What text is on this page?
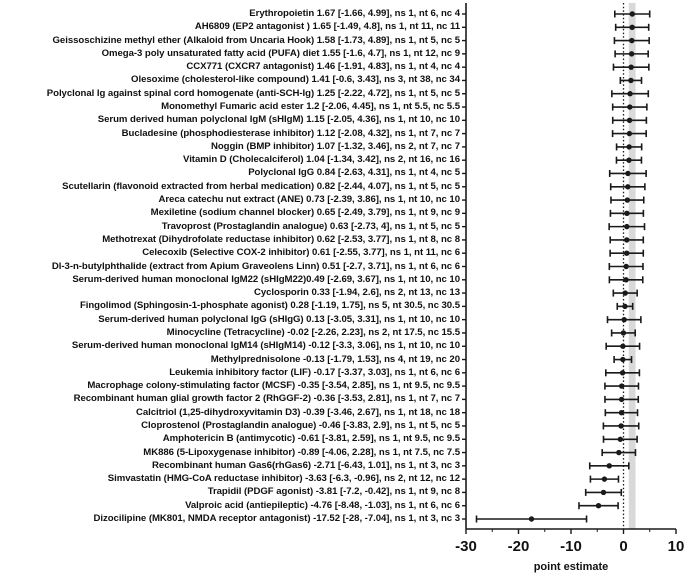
Erythropoietin 1.67 [-1.66, 4.99], ns 1, nt 6, nc 4
AH6809 (EP2 antagonist ) 1.65 [-1.49, 4.8], ns 1, nt 11, nc 11
Geissoschizine methyl ether (Alkaloid from Uncaria Hook) 1.58 [-1.73, 4.89], ns 1, nt 5, nc 5
Omega-3 poly unsaturated fatty acid (PUFA) diet 1.55 [-1.6, 4.7], ns 1, nt 12, nc 9
CCX771 (CXCR7 antagonist) 1.46 [-1.91, 4.83], ns 1, nt 4, nc 4
Olesoxime (cholesterol-like compound) 1.41 [-0.6, 3.43], ns 3, nt 38, nc 34
Polyclonal Ig against spinal cord homogenate (anti-SCH-Ig) 1.25 [-2.22, 4.72], ns 1, nt 5, nc 5
Monomethyl Fumaric acid ester 1.2 [-2.06, 4.45], ns 1, nt 5.5, nc 5.5
Serum derived human polyclonal IgM (sHIgM) 1.15 [-2.05, 4.36], ns 1, nt 10, nc 10
Bucladesine (phosphodiesterase inhibitor) 1.12 [-2.08, 4.32], ns 1, nt 7, nc 7
Noggin (BMP inhibitor) 1.07 [-1.32, 3.46], ns 2, nt 7, nc 7
Vitamin D (Cholecalciferol) 1.04 [-1.34, 3.42], ns 2, nt 16, nc 16
Polyclonal IgG 0.84 [-2.63, 4.31], ns 1, nt 4, nc 5
Scutellarin (flavonoid extracted from herbal medication) 0.82 [-2.44, 4.07], ns 1, nt 5, nc 5
Areca catechu nut extract (ANE) 0.73 [-2.39, 3.86], ns 1, nt 10, nc 10
Mexiletine (sodium channel blocker) 0.65 [-2.49, 3.79], ns 1, nt 9, nc 9
Travoprost (Prostaglandin analogue) 0.63 [-2.73, 4], ns 1, nt 5, nc 5
Methotrexat (Dihydrofolate reductase inhibitor) 0.62 [-2.53, 3.77], ns 1, nt 8, nc 8
Celecoxib (Selective COX-2 inhibitor) 0.61 [-2.55, 3.77], ns 1, nt 11, nc 6
Dl-3-n-butylphthalide (extract from Apium Graveolens Linn) 0.51 [-2.7, 3.71], ns 1, nt 6, nc 6
Serum-derived human monoclonal IgM22 (sHIgM22)0.49 [-2.69, 3.67], ns 1, nt 10, nc 10
Cyclosporin 0.33 [-1.94, 2.6], ns 2, nt 13, nc 13
Fingolimod (Sphingosin-1-phosphate agonist) 0.28 [-1.19, 1.75], ns 5, nt 30.5, nc 30.5
Serum-derived human polyclonal IgG (sHIgG) 0.13 [-3.05, 3.31], ns 1, nt 10, nc 10
Minocycline (Tetracycline) -0.02 [-2.26, 2.23], ns 2, nt 17.5, nc 15.5
Serum-derived human monoclonal IgM14 (sHIgM14) -0.12 [-3.3, 3.06], ns 1, nt 10, nc 10
Methylprednisolone -0.13 [-1.79, 1.53], ns 4, nt 19, nc 20
Leukemia inhibitory factor (LIF) -0.17 [-3.37, 3.03], ns 1, nt 6, nc 6
Macrophage colony-stimulating factor (MCSF) -0.35 [-3.54, 2.85], ns 1, nt 9.5, nc 9.5
Recombinant human glial growth factor 2 (RhGGF-2) -0.36 [-3.53, 2.81], ns 1, nt 7, nc 7
Calcitriol (1,25-dihydroxyvitamin D3) -0.39 [-3.46, 2.67], ns 1, nt 18, nc 18
Cloprostenol (Prostaglandin analogue) -0.46 [-3.83, 2.9], ns 1, nt 5, nc 5
Amphotericin B (antimycotic) -0.61 [-3.81, 2.59], ns 1, nt 9.5, nc 9.5
MK886 (5-Lipoxygenase inhibitor) -0.89 [-4.06, 2.28], ns 1, nt 7.5, nc 7.5
Recombinant human Gas6(rhGas6) -2.71 [-6.43, 1.01], ns 1, nt 3, nc 3
Simvastatin (HMG-CoA reductase inhibitor) -3.63 [-6.3, -0.96], ns 2, nt 12, nc 12
Trapidil (PDGF agonist) -3.81 [-7.2, -0.42], ns 1, nt 9, nc 8
Valproic acid (antiepileptic) -4.76 [-8.48, -1.03], ns 1, nt 6, nc 6
Dizocilipine (MK801, NMDA receptor antagonist) -17.52 [-28, -7.04], ns 1, nt 3, nc 3
-30 -20 -10 0	10
point estimate
